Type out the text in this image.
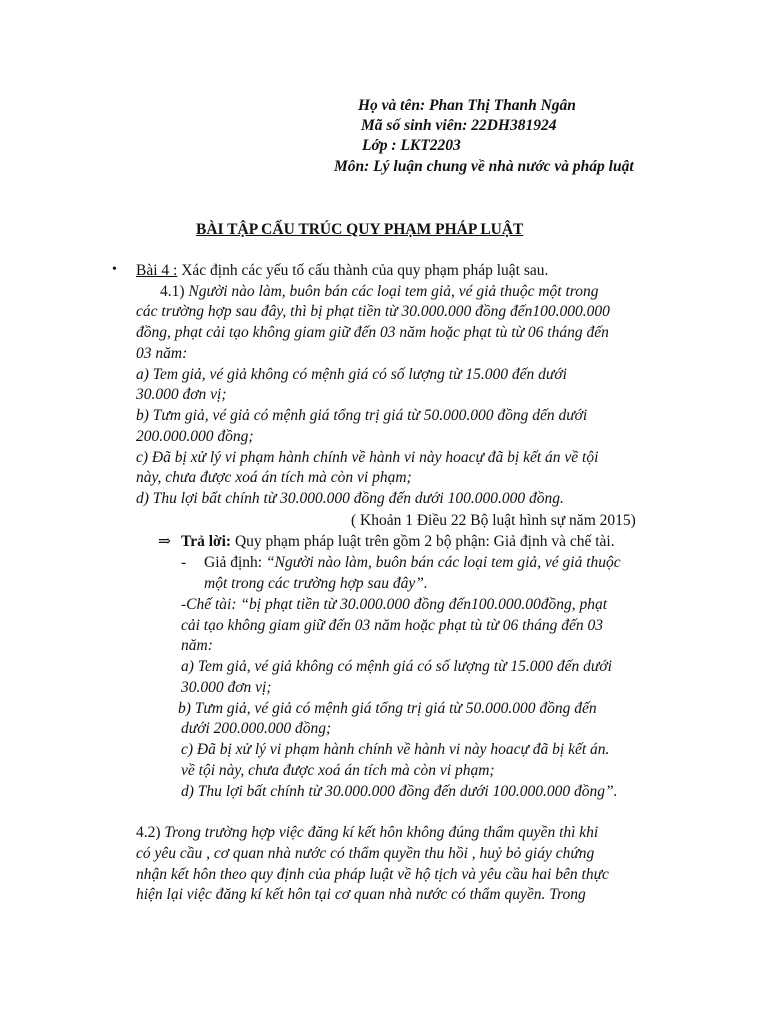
Họ và tên: Phan Thị Thanh Ngân
Mã số sinh viên: 22DH381924
Lớp : LKT2203
Môn: Lý luận chung về nhà nước và pháp luật
BÀI TẬP CẤU TRÚC QUY PHẠM PHÁP LUẬT
• Bài 4 : Xác định các yếu tố cấu thành của quy phạm pháp luật sau.
4.1) Người nào làm, buôn bán các loại tem giả, vé giả thuộc một trong
các trường hợp sau đây, thì bị phạt tiền từ 30.000.000 đồng đến100.000.000
đồng, phạt cải tạo không giam giữ đến 03 năm hoặc phạt tù từ 06 tháng đến
03 năm:
a) Tem giả, vé giả không có mệnh giá có số lượng từ 15.000 đến dưới
30.000 đơn vị;
b) Tưm giả, vé giả có mệnh giá tổng trị giá từ 50.000.000 đồng dến dưới
200.000.000 đồng;
c) Đã bị xử lý vi phạm hành chính về hành vi này hoacự đã bị kết án về tội
này, chưa được xoá án tích mà còn vi phạm;
d) Thu lợi bất chính từ 30.000.000 đồng đến dưới 100.000.000 đồng.
( Khoản 1 Điều 22 Bộ luật hình sự năm 2015)
⇒ Trả lời: Quy phạm pháp luật trên gồm 2 bộ phận: Giả định và chế tài.
- Giả định: “Người nào làm, buôn bán các loại tem giả, vé giả thuộc
một trong các trường hợp sau đây”.
-Chế tài: “bị phạt tiền từ 30.000.000 đồng đến100.000.00đồng, phạt
cải tạo không giam giữ đến 03 năm hoặc phạt tù từ 06 tháng đến 03
năm:
a) Tem giả, vé giả không có mệnh giá có số lượng từ 15.000 đến dưới
30.000 đơn vị;
b) Tưm giả, vé giả có mệnh giá tổng trị giá từ 50.000.000 đồng đến
dưới 200.000.000 đồng;
c) Đã bị xử lý vi phạm hành chính về hành vi này hoacự đã bị kết án.
về tội này, chưa được xoá án tích mà còn vi phạm;
d) Thu lợi bất chính từ 30.000.000 đồng đến dưới 100.000.000 đồng”.
4.2) Trong trường hợp việc đăng kí kết hôn không đúng thẩm quyền thì khi
có yêu cầu , cơ quan nhà nước có thẩm quyền thu hồi , huỷ bỏ giáy chứng
nhận kết hôn theo quy định của pháp luật về hộ tịch và yêu cầu hai bên thực
hiện lại việc đăng kí kết hôn tại cơ quan nhà nước có thẩm quyền. Trong
